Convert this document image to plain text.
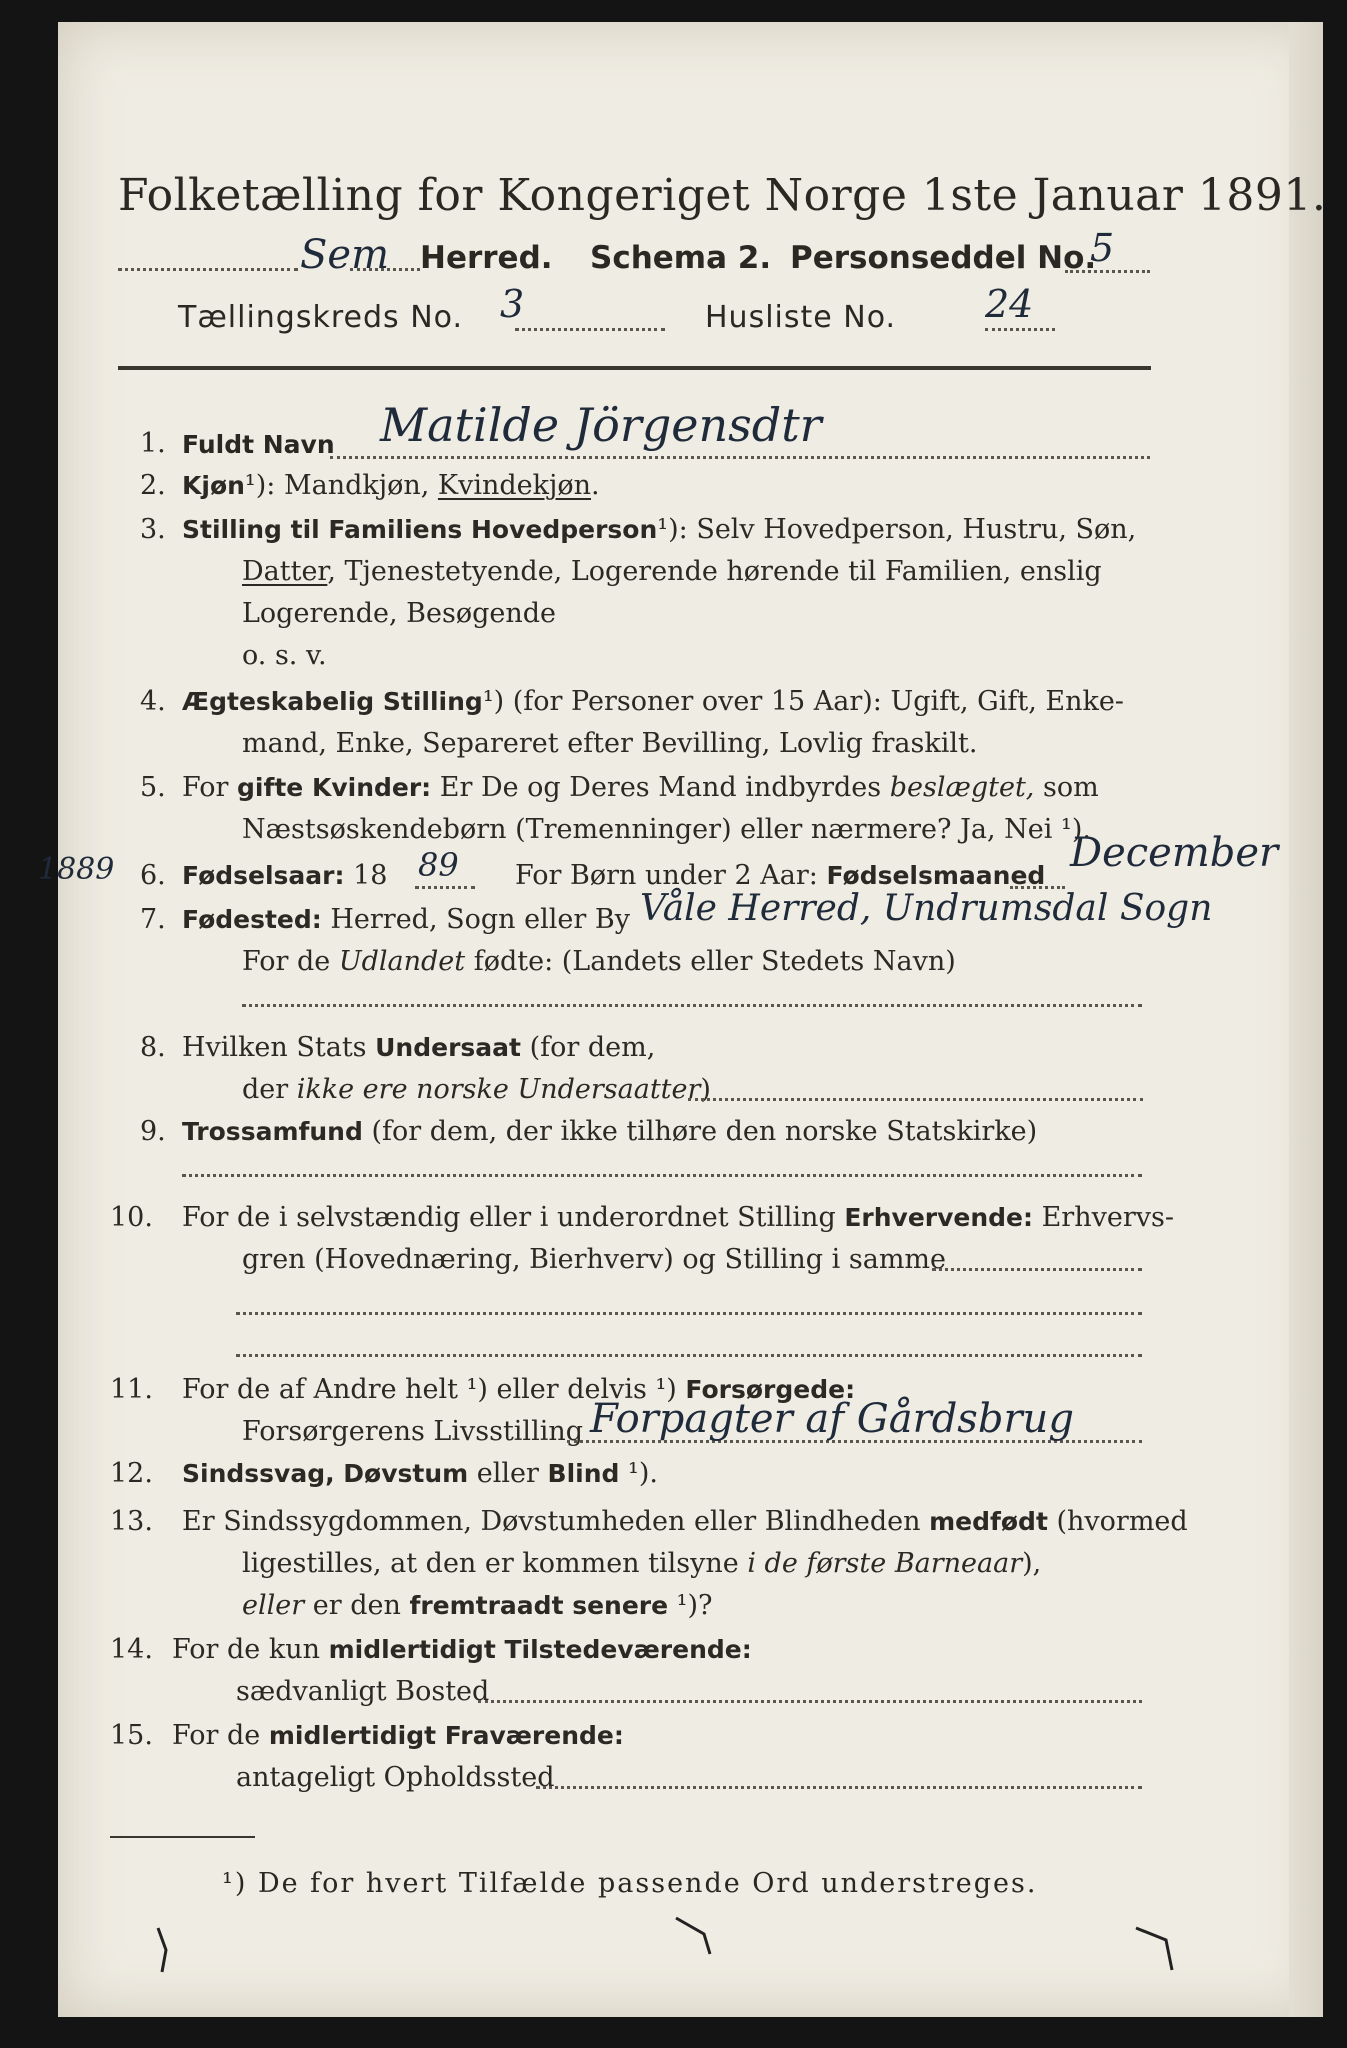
Folketælling for Kongeriget Norge 1ste Januar 1891.
Sem Herred. Schema 2. Personseddel No.
5
Tællingskreds No. 3	Husliste No. 24
1. Fuldt Navn Matilde Jörgensdtr
2. Kjøn¹): Mandkjøn, Kvindekjøn.
3. Stilling til Familiens Hovedperson¹): Selv Hovedperson, Hustru, Søn,
Datter, Tjenestetyende, Logerende hørende til Familien, enslig
Logerende, Besøgende
o. s. v.
4. Ægteskabelig Stilling¹) (for Personer over 15 Aar): Ugift, Gift, Enke-
mand, Enke, Separeret efter Bevilling, Lovlig fraskilt.
5. For gifte Kvinder: Er De og Deres Mand indbyrdes beslægtet, som
Næstsøskendebørn (Tremenninger) eller nærmere? Ja, Nei ¹).
1889 6. Fødselsaar: 18 89 For Børn under 2 Aar: Fødselsmaaned December
7. Fødested: Herred, Sogn eller By Våle Herred, Undrumsdal Sogn
For de Udlandet fødte: (Landets eller Stedets Navn)
8. Hvilken Stats Undersaat (for dem,
der ikke ere norske Undersaatter)
9. Trossamfund (for dem, der ikke tilhøre den norske Statskirke)
10. For de i selvstændig eller i underordnet Stilling Erhvervende: Erhvervs-
gren (Hovednæring, Bierhverv) og Stilling i samme
11. For de af Andre helt ¹) eller delvis ¹) Forsørgede:
Forsørgerens Livsstilling Forpagter af Gårdsbrug
12. Sindssvag, Døvstum eller Blind ¹).
13. Er Sindssygdommen, Døvstumheden eller Blindheden medfødt (hvormed
ligestilles, at den er kommen tilsyne i de første Barneaar),
eller er den fremtraadt senere ¹)?
14. For de kun midlertidigt Tilstedeværende:
sædvanligt Bosted
15. For de midlertidigt Fraværende:
antageligt Opholdssted
¹) De for hvert Tilfælde passende Ord understreges.
